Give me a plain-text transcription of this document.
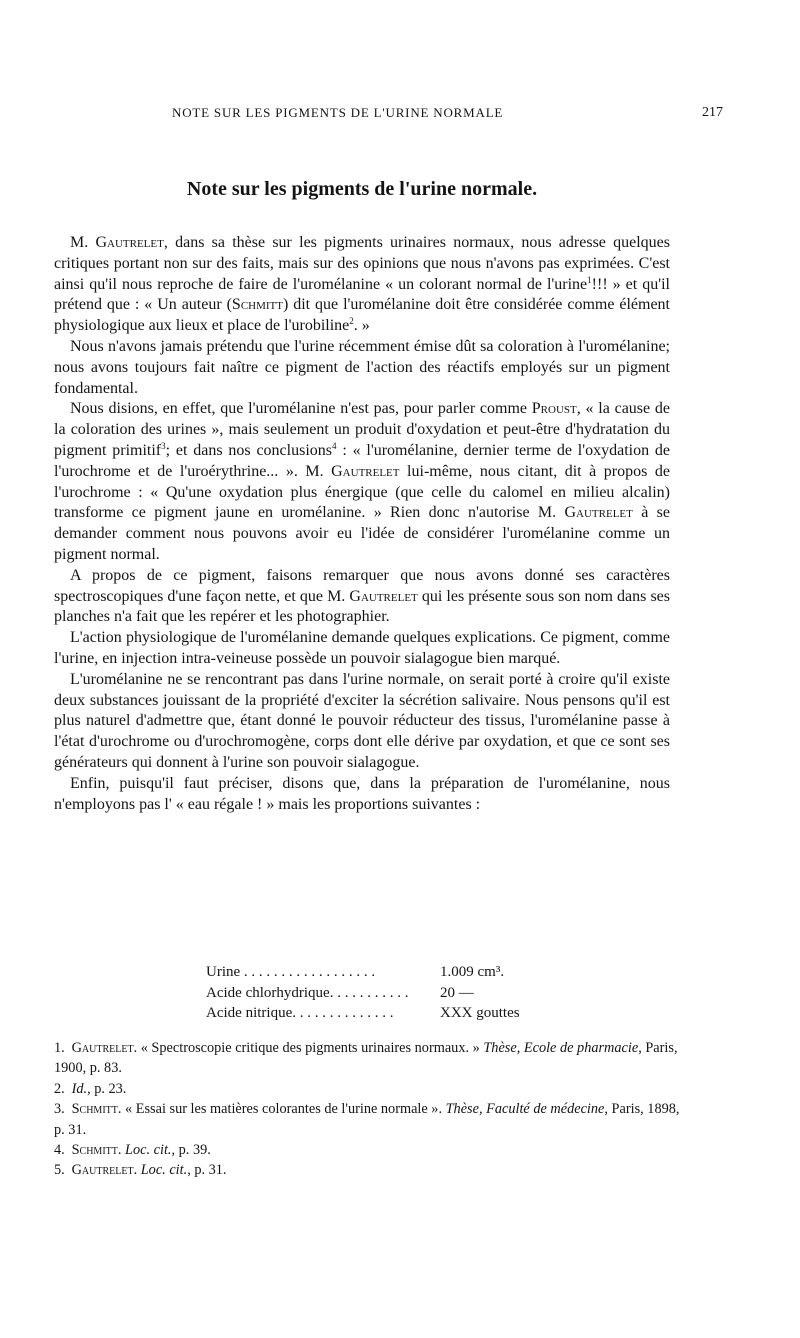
NOTE SUR LES PIGMENTS DE L'URINE NORMALE	217
Note sur les pigments de l'urine normale.

M. Gautrelet, dans sa thèse sur les pigments urinaires normaux, nous adresse quelques critiques portant non sur des faits, mais sur des opinions que nous n'avons pas exprimées. C'est ainsi qu'il nous reproche de faire de l'uromélanine « un colorant normal de l'urine$^1$!!! » et qu'il prétend que : « Un auteur (Schmitt) dit que l'uromélanine doit être considérée comme élément physiologique aux lieux et place de l'urobiline$^2$. »

Nous n'avons jamais prétendu que l'urine récemment émise dût sa coloration à l'uromélanine; nous avons toujours fait naître ce pigment de l'action des réactifs employés sur un pigment fondamental.

Nous disions, en effet, que l'uromélanine n'est pas, pour parler comme Proust, « la cause de la coloration des urines », mais seulement un produit d'oxydation et peut-être d'hydratation du pigment primitif$^3$; et dans nos conclusions$^4$ : « l'uromélanine, dernier terme de l'oxydation de l'urochrome et de l'uroérythrine... ». M. Gautrelet lui-même, nous citant, dit à propos de l'urochrome : « Qu'une oxydation plus énergique (que celle du calomel en milieu alcalin) transforme ce pigment jaune en uromélanine. » Rien donc n'autorise M. Gautrelet à se demander comment nous pouvons avoir eu l'idée de considérer l'uromélanine comme un pigment normal.

A propos de ce pigment, faisons remarquer que nous avons donné ses caractères spectroscopiques d'une façon nette, et que M. Gautrelet qui les présente sous son nom dans ses planches n'a fait que les repérer et les photographier.

L'action physiologique de l'uromélanine demande quelques explications. Ce pigment, comme l'urine, en injection intra-veineuse possède un pouvoir sialagogue bien marqué.

L'uromélanine ne se rencontrant pas dans l'urine normale, on serait porté à croire qu'il existe deux substances jouissant de la propriété d'exciter la sécrétion salivaire. Nous pensons qu'il est plus naturel d'admettre que, étant donné le pouvoir réducteur des tissus, l'uromélanine passe à l'état d'urochrome ou d'urochromogène, corps dont elle dérive par oxydation, et que ce sont ses générateurs qui donnent à l'urine son pouvoir sialagogue.

Enfin, puisqu'il faut préciser, disons que, dans la préparation de l'uromélanine, nous n'employons pas l' « eau régale ! » mais les proportions suivantes :

Urine . . . . . . . . . . . . . . . . . .	1.009 cm³.
Acide chlorhydrique. . . . . . . . . . .	20 —
Acide nitrique. . . . . . . . . . . . . .	XXX gouttes

1. Gautrelet. « Spectroscopie critique des pigments urinaires normaux. » Thèse, Ecole de pharmacie, Paris, 1900, p. 83.

2. Id., p. 23.

3. Schmitt. « Essai sur les matières colorantes de l'urine normale ». Thèse, Faculté de médecine, Paris, 1898, p. 31.

4. Schmitt. Loc. cit., p. 39.

5. Gautrelet. Loc. cit., p. 31.
